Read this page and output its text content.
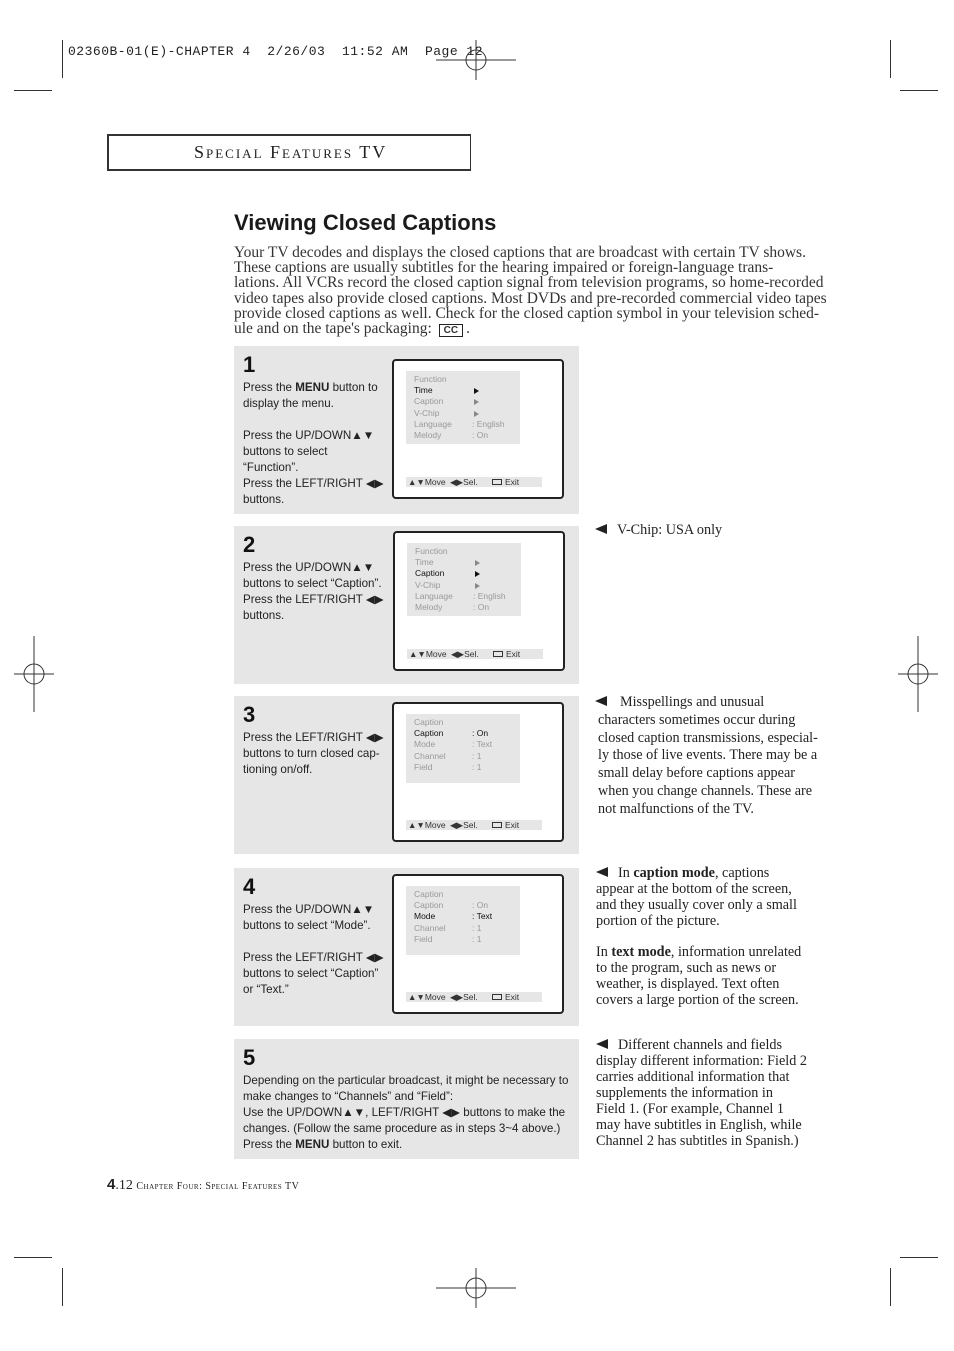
02360B-01(E)-CHAPTER 4  2/26/03  11:52 AM  Page 12
Special Features TV
Viewing Closed Captions

Your TV decodes and displays the closed captions that are broadcast with certain TV shows.

These captions are usually subtitles for the hearing impaired or foreign-language trans-

lations. All VCRs record the closed caption signal from television programs, so home-recorded

video tapes also provide closed captions. Most DVDs and pre-recorded commercial video tapes

provide closed captions as well. Check for the closed caption symbol in your television sched-

ule and on the tape's packaging: CC .

1

Press the MENU button to

display the menu.

Press the UP/DOWN▲▼

buttons to select

“Function”.

Press the LEFT/RIGHT ◀▶

buttons.

Function
Time
Caption
V-Chip
Language : English
Melody	: On
▲▼Move ◀▶Sel.	Exit
2

Press the UP/DOWN▲▼

buttons to select “Caption”.

Press the LEFT/RIGHT ◀▶

buttons.

Function
Time
Caption
V-Chip
Language : English
Melody	: On
▲▼Move ◀▶Sel.	Exit
3

Press the LEFT/RIGHT ◀▶

buttons to turn closed cap-

tioning on/off.

Caption
Caption	: On
Mode	: Text
Channel	: 1
Field	: 1
▲▼Move ◀▶Sel.	Exit
4

Press the UP/DOWN▲▼

buttons to select “Mode”.

Press the LEFT/RIGHT ◀▶

buttons to select “Caption”

or “Text.”

Caption
Caption	: On
Mode	: Text
Channel	: 1
Field	: 1
▲▼Move ◀▶Sel.	Exit
5

Depending on the particular broadcast, it might be necessary to

make changes to “Channels” and “Field”:

Use the UP/DOWN▲▼, LEFT/RIGHT ◀▶ buttons to make the

changes. (Follow the same procedure as in steps 3~4 above.)

Press the MENU button to exit.

V-Chip: USA only

Misspellings and unusual

characters sometimes occur during

closed caption transmissions, especial-

ly those of live events. There may be a

small delay before captions appear

when you change channels. These are

not malfunctions of the TV.

In caption mode, captions

appear at the bottom of the screen,

and they usually cover only a small

portion of the picture.

In text mode, information unrelated

to the program, such as news or

weather, is displayed. Text often

covers a large portion of the screen.

Different channels and fields

display different information: Field 2

carries additional information that

supplements the information in

Field 1. (For example, Channel 1

may have subtitles in English, while

Channel 2 has subtitles in Spanish.)

4.12 Chapter Four: Special Features TV
